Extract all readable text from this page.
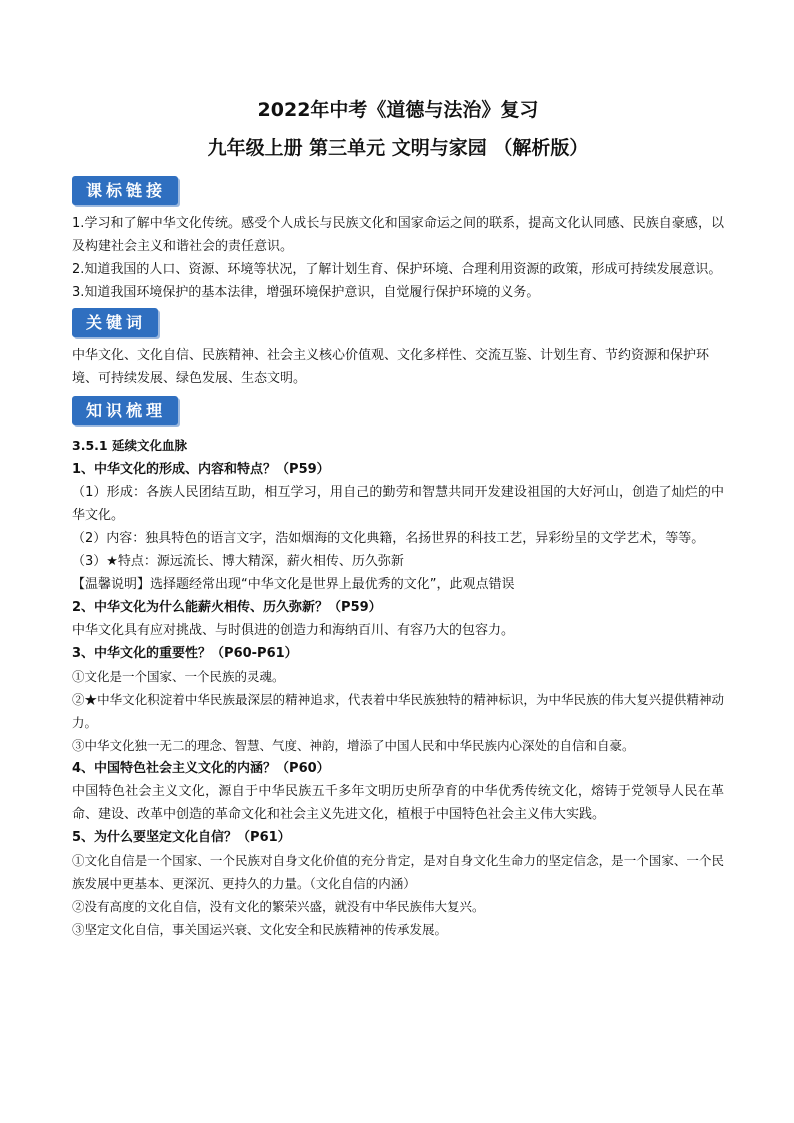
2022年中考《道德与法治》复习

九年级上册 第三单元 文明与家园 （解析版）

课标链接

1.学习和了解中华文化传统。感受个人成长与民族文化和国家命运之间的联系，提高文化认同感、民族自豪感，以及构建社会主义和谐社会的责任意识。

2.知道我国的人口、资源、环境等状况，了解计划生育、保护环境、合理利用资源的政策，形成可持续发展意识。

3.知道我国环境保护的基本法律，增强环境保护意识，自觉履行保护环境的义务。

关键词

中华文化、文化自信、民族精神、社会主义核心价值观、文化多样性、交流互鉴、计划生育、节约资源和保护环境、可持续发展、绿色发展、生态文明。

知识梳理

3.5.1 延续文化血脉

1、中华文化的形成、内容和特点？（P59）

（1）形成：各族人民团结互助，相互学习，用自己的勤劳和智慧共同开发建设祖国的大好河山，创造了灿烂的中华文化。

（2）内容：独具特色的语言文字，浩如烟海的文化典籍，名扬世界的科技工艺，异彩纷呈的文学艺术，等等。

（3）★特点：源远流长、博大精深，薪火相传、历久弥新

【温馨说明】选择题经常出现“中华文化是世界上最优秀的文化”，此观点错误

2、中华文化为什么能薪火相传、历久弥新？（P59）

中华文化具有应对挑战、与时俱进的创造力和海纳百川、有容乃大的包容力。

3、中华文化的重要性？（P60-P61）

①文化是一个国家、一个民族的灵魂。

②★中华文化积淀着中华民族最深层的精神追求，代表着中华民族独特的精神标识，为中华民族的伟大复兴提供精神动力。

③中华文化独一无二的理念、智慧、气度、神韵，增添了中国人民和中华民族内心深处的自信和自豪。

4、中国特色社会主义文化的内涵？（P60）

中国特色社会主义文化，源自于中华民族五千多年文明历史所孕育的中华优秀传统文化，熔铸于党领导人民在革命、建设、改革中创造的革命文化和社会主义先进文化，植根于中国特色社会主义伟大实践。

5、为什么要坚定文化自信？（P61）

①文化自信是一个国家、一个民族对自身文化价值的充分肯定，是对自身文化生命力的坚定信念，是一个国家、一个民族发展中更基本、更深沉、更持久的力量。（文化自信的内涵）

②没有高度的文化自信，没有文化的繁荣兴盛，就没有中华民族伟大复兴。

③坚定文化自信，事关国运兴衰、文化安全和民族精神的传承发展。
